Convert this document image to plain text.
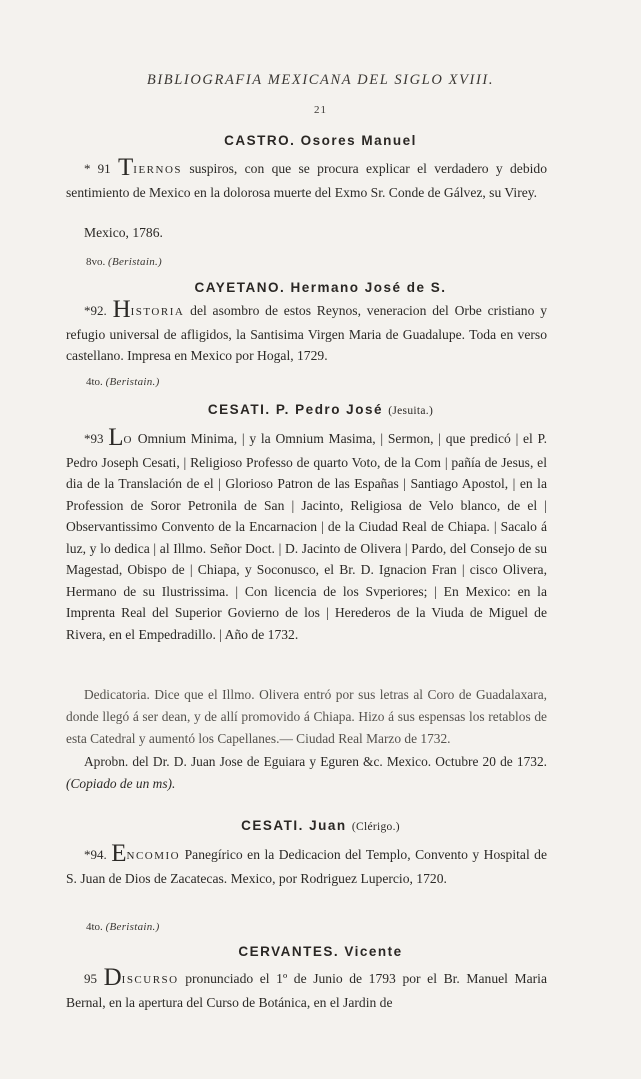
BIBLIOGRAFIA MEXICANA DEL SIGLO XVIII.
21
CASTRO. Osores Manuel

* 91 TIERNOS suspiros, con que se procura explicar el verdadero y debido sentimiento de Mexico en la dolorosa muerte del Exmo Sr. Conde de Gálvez, su Virey.

Mexico, 1786.
8vo. (Beristain.)
CAYETANO. Hermano José de S.

*92. HISTORIA del asombro de estos Reynos, veneracion del Orbe cristiano y refugio universal de afligidos, la Santisima Virgen Maria de Guadalupe. Toda en verso castellano. Impresa en Mexico por Hogal, 1729.

4to. (Beristain.)
CESATI. P. Pedro José (Jesuita.)

*93 LO Omnium Minima, | y la Omnium Masima, | Sermon, | que predicó | el P. Pedro Joseph Cesati, | Religioso Professo de quarto Voto, de la Com | pañía de Jesus, el dia de la Translación de el | Glorioso Patron de las Españas | Santiago Apostol, | en la Profession de Soror Petronila de San | Jacinto, Religiosa de Velo blanco, de el | Observantissimo Convento de la Encarnacion | de la Ciudad Real de Chiapa. | Sacalo á luz, y lo dedica | al Illmo. Señor Doct. | D. Jacinto de Olivera | Pardo, del Consejo de su Magestad, Obispo de | Chiapa, y Soconusco, el Br. D. Ignacion Fran | cisco Olivera, Hermano de su Ilustrissima. | Con licencia de los Svperiores; | En Mexico: en la Imprenta Real del Superior Govierno de los | Herederos de la Viuda de Miguel de Rivera, en el Empedradillo. | Año de 1732.

Dedicatoria. Dice que el Illmo. Olivera entró por sus letras al Coro de Guadalaxara, donde llegó á ser dean, y de allí promovido á Chiapa. Hizo á sus espensas los retablos de esta Catedral y aumentó los Capellanes.— Ciudad Real Marzo de 1732.

Aprobn. del Dr. D. Juan Jose de Eguiara y Eguren &c. Mexico. Octubre 20 de 1732. (Copiado de un ms).

CESATI. Juan (Clérigo.)

*94. ENCOMIO Panegírico en la Dedicacion del Templo, Convento y Hospital de S. Juan de Dios de Zacatecas. Mexico, por Rodriguez Lupercio, 1720.

4to. (Beristain.)
CERVANTES. Vicente

95 DISCURSO pronunciado el 1º de Junio de 1793 por el Br. Manuel Maria Bernal, en la apertura del Curso de Botánica, en el Jardin de
